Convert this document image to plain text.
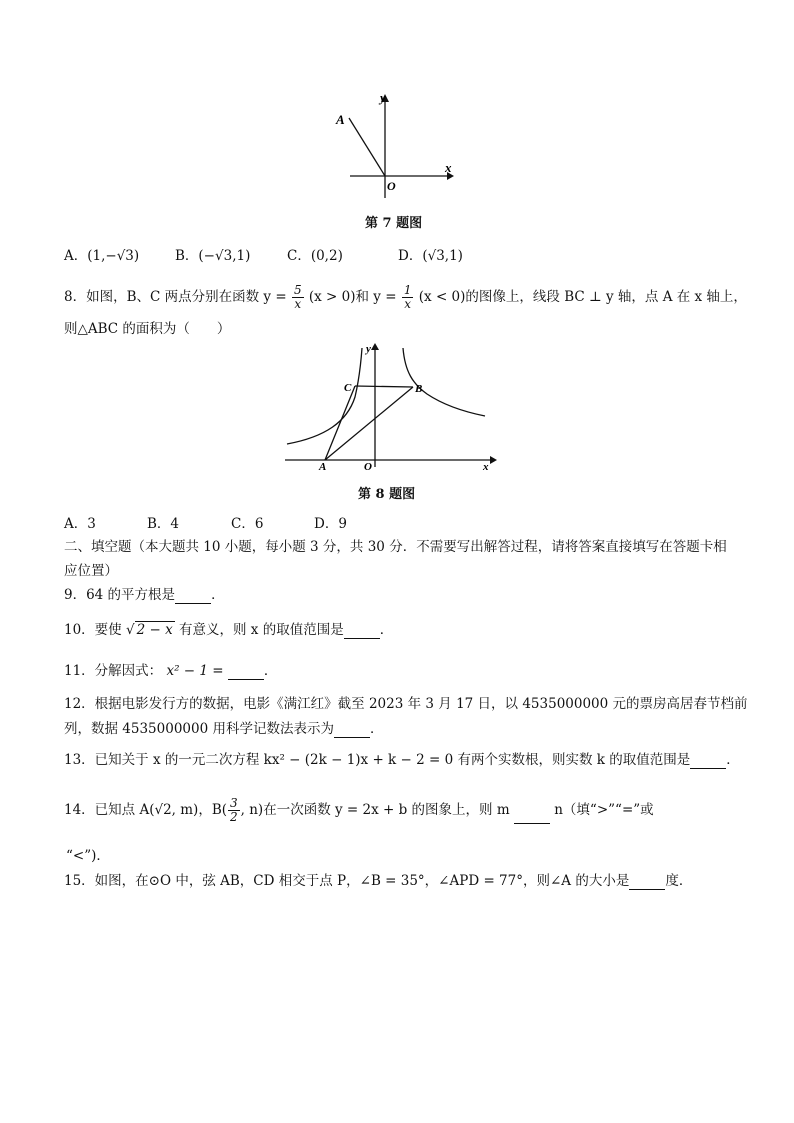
A
y
x
O
第 7 题图
A．(1,−√3)	B．(−√3,1)	C．(0,2)	D．(√3,1)
8．如图，B、C 两点分别在函数 $y = \frac{5}{x} (x > 0)$和 $y = \frac{1}{x} (x < 0)$的图像上，线段 BC ⊥ y 轴，点 A 在 x 轴上，
则△ABC 的面积为（　　）
y
C	B
A	O	x
第 8 题图
A．3	B．4	C．6	D．9
二、填空题（本大题共 10 小题，每小题 3 分，共 30 分．不需要写出解答过程，请将答案直接填写在答题卡相
应位置）
9．64 的平方根是	．
10．要使 √ 2 − x 有意义，则 x 的取值范围是	．
11．分解因式： x² − 1 =	．
12．根据电影发行方的数据，电影《满江红》截至 2023 年 3 月 17 日，以 4535000000 元的票房高居春节档前
列，数据 4535000000 用科学记数法表示为	．
13．已知关于 x 的一元二次方程 kx² − (2k − 1)x + k − 2 = 0 有两个实数根，则实数 k 的取值范围是	．
14．已知点 A(√2, m)，$B( \frac{3}{2}$ , n)在一次函数 y = 2x + b 的图象上，则 m	n（填“>”“=”或
“<”)．
15．如图，在⊙O 中，弦 AB，CD 相交于点 P，∠B = 35°，∠APD = 77°，则∠A 的大小是	度．
